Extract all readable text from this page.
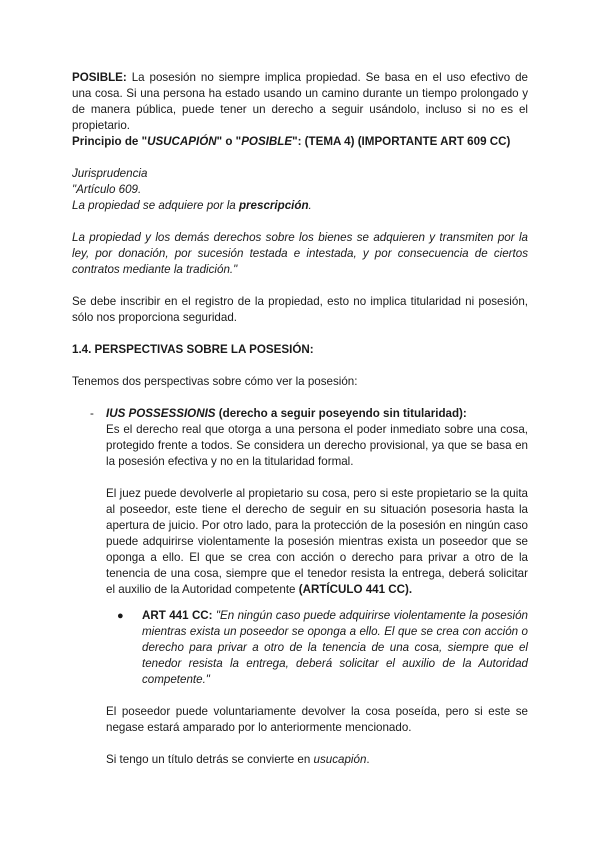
POSIBLE: La posesión no siempre implica propiedad. Se basa en el uso efectivo de una cosa. Si una persona ha estado usando un camino durante un tiempo prolongado y de manera pública, puede tener un derecho a seguir usándolo, incluso si no es el propietario.

Principio de "USUCAPIÓN" o "POSIBLE": (TEMA 4) (IMPORTANTE ART 609 CC)

Jurisprudencia

"Artículo 609.

La propiedad se adquiere por la prescripción.

La propiedad y los demás derechos sobre los bienes se adquieren y transmiten por la ley, por donación, por sucesión testada e intestada, y por consecuencia de ciertos contratos mediante la tradición."

Se debe inscribir en el registro de la propiedad, esto no implica titularidad ni posesión, sólo nos proporciona seguridad.

1.4. PERSPECTIVAS SOBRE LA POSESIÓN:

Tenemos dos perspectivas sobre cómo ver la posesión:

- IUS POSSESSIONIS (derecho a seguir poseyendo sin titularidad):

Es el derecho real que otorga a una persona el poder inmediato sobre una cosa, protegido frente a todos. Se considera un derecho provisional, ya que se basa en la posesión efectiva y no en la titularidad formal.

El juez puede devolverle al propietario su cosa, pero si este propietario se la quita al poseedor, este tiene el derecho de seguir en su situación posesoria hasta la apertura de juicio. Por otro lado, para la protección de la posesión en ningún caso puede adquirirse violentamente la posesión mientras exista un poseedor que se oponga a ello. El que se crea con acción o derecho para privar a otro de la tenencia de una cosa, siempre que el tenedor resista la entrega, deberá solicitar el auxilio de la Autoridad competente (ARTÍCULO 441 CC).

● ART 441 CC: "En ningún caso puede adquirirse violentamente la posesión mientras exista un poseedor se oponga a ello. El que se crea con acción o derecho para privar a otro de la tenencia de una cosa, siempre que el tenedor resista la entrega, deberá solicitar el auxilio de la Autoridad competente."

El poseedor puede voluntariamente devolver la cosa poseída, pero si este se negase estará amparado por lo anteriormente mencionado.

Si tengo un título detrás se convierte en usucapión.
